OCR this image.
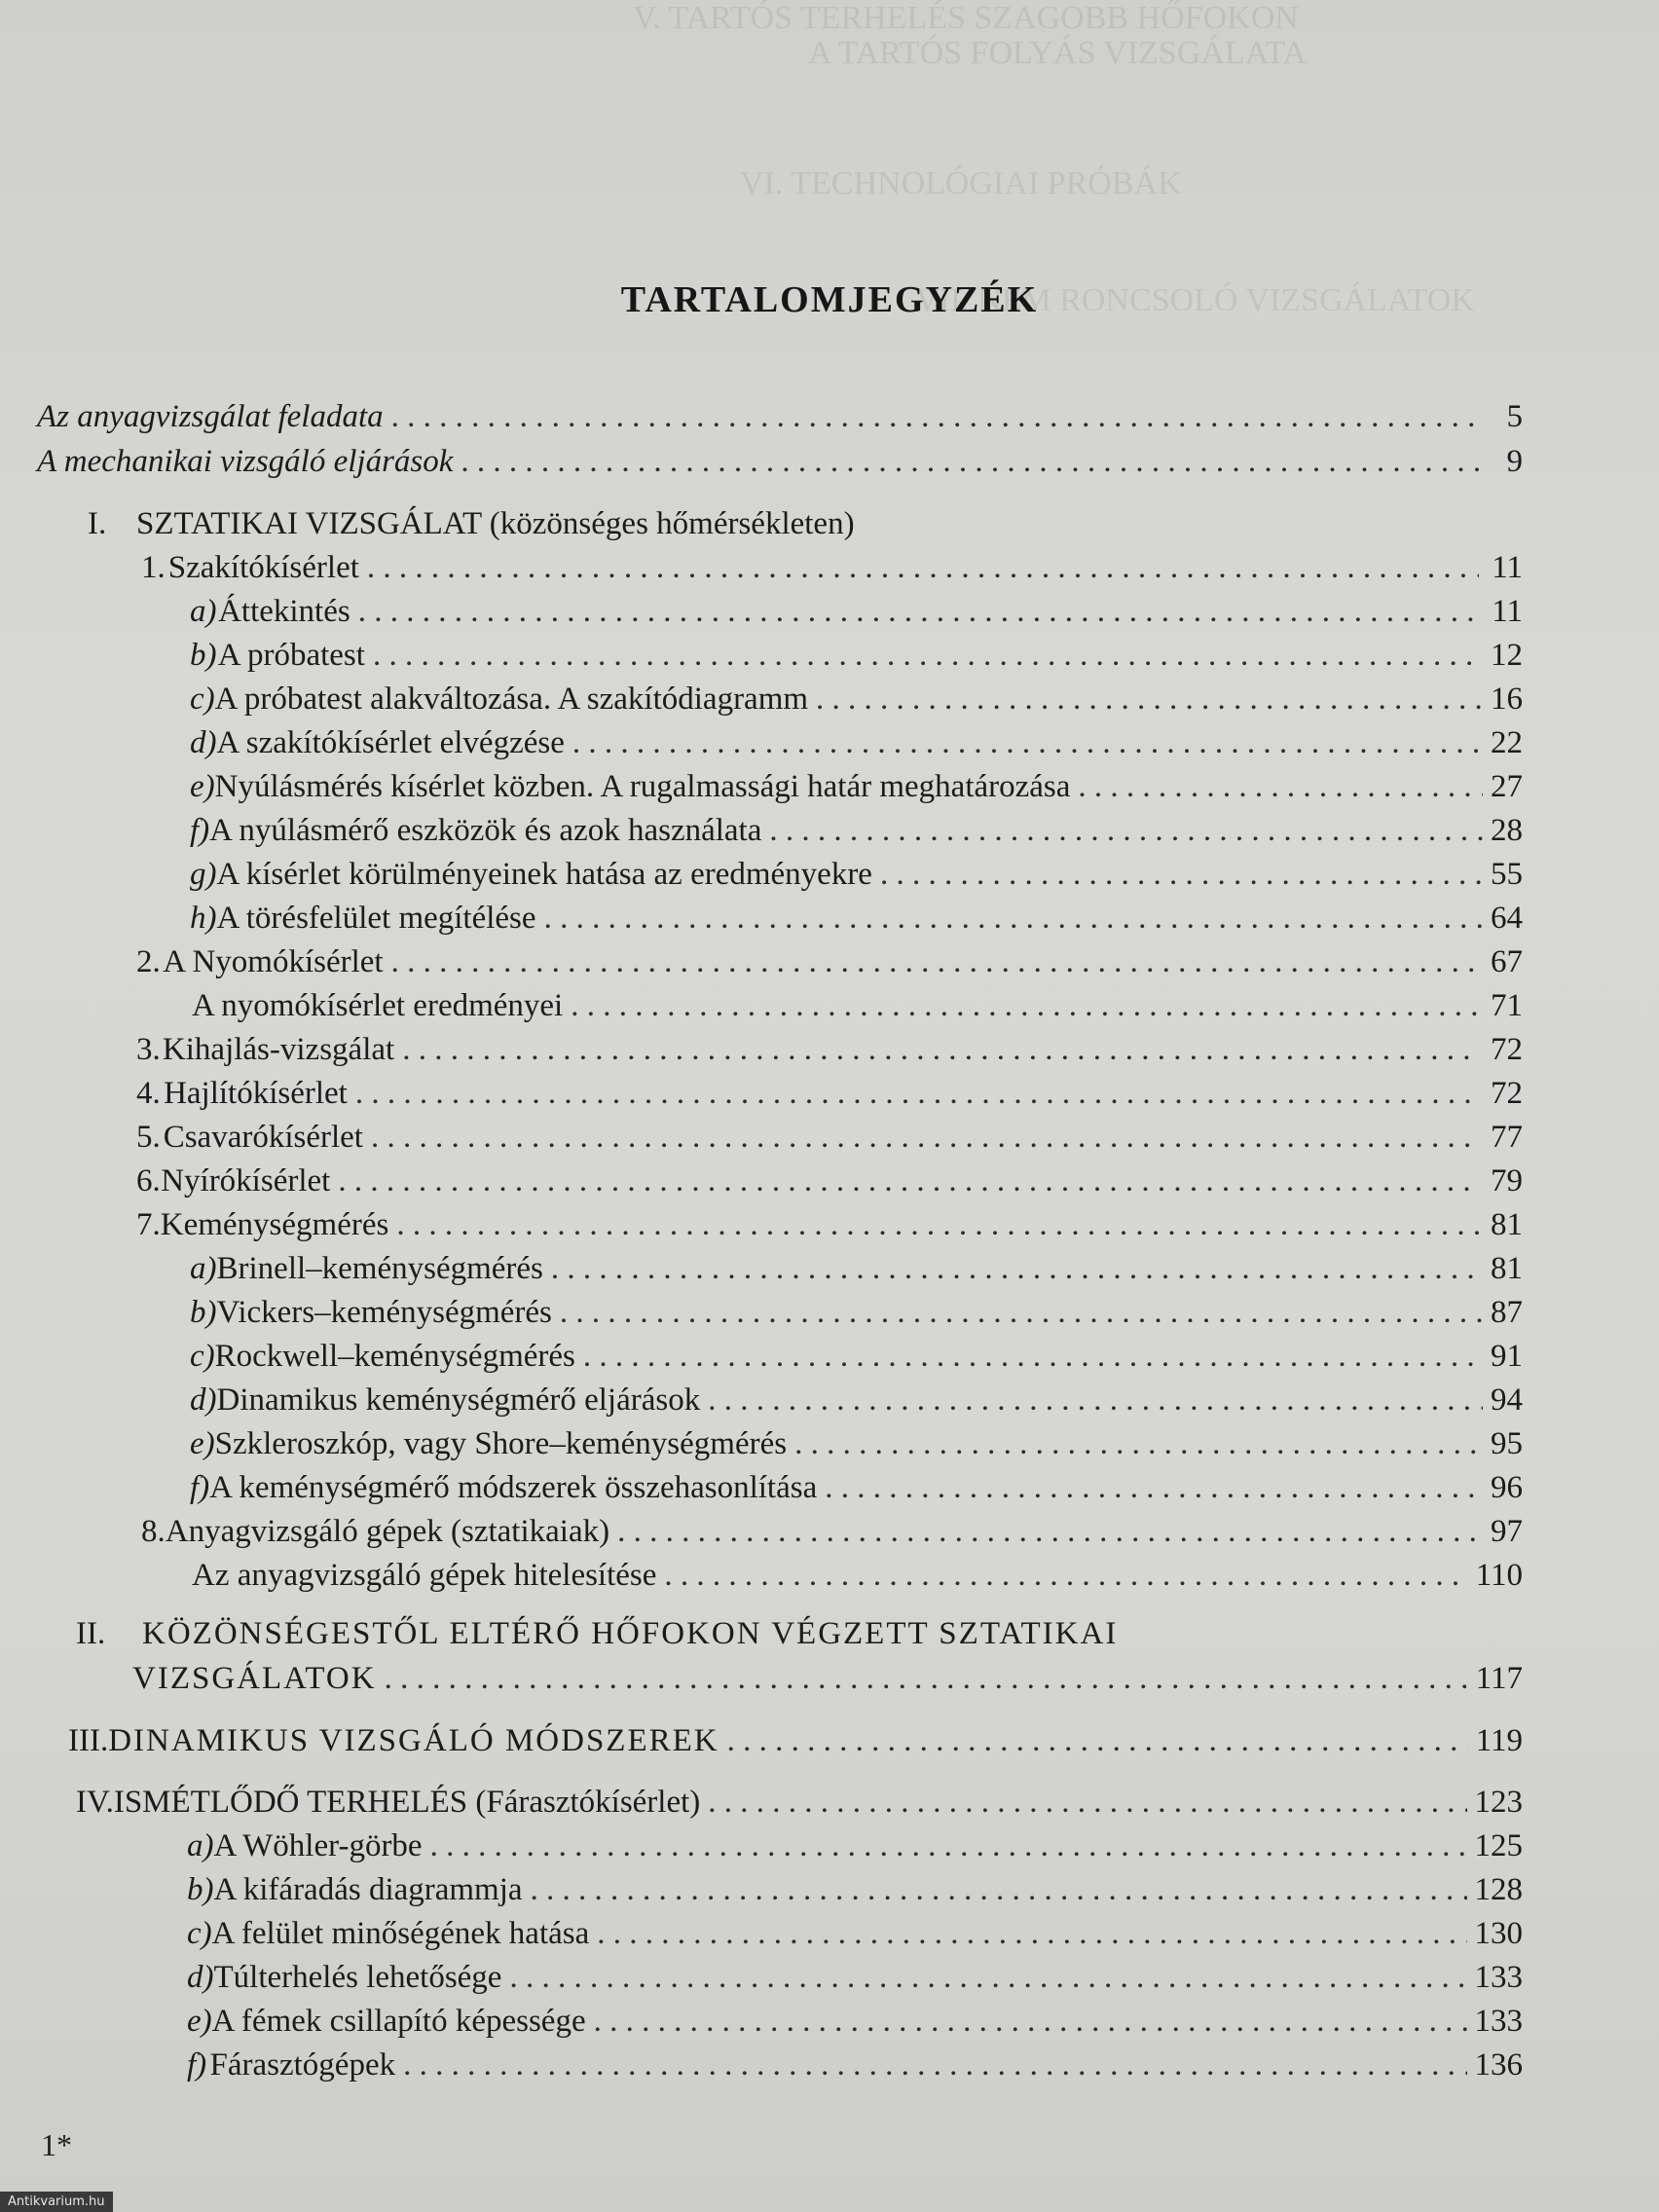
V. TARTÓS TERHELÉS SZAGOBB HŐFOKON
A TARTÓS FOLYÁS VIZSGÁLATA
VI. TECHNOLÓGIAI PRÓBÁK
VII. NEM RONCSOLÓ VIZSGÁLATOK
TARTALOMJEGYZÉK
Az anyagvizsgálat feladata . . .	5
A mechanikai vizsgáló eljárások . . .	9
I. SZTATIKAI VIZSGÁLAT (közönséges hőmérsékleten)
1. Szakítókísérlet . . .	11
a) Áttekintés . . .	11
b) A próbatest . . .	12
c) A próbatest alakváltozása. A szakítódiagramm . . .	16
d) A szakítókísérlet elvégzése . . .	22
e) Nyúlásmérés kísérlet közben. A rugalmassági határ meghatározása . . .	27
f) A nyúlásmérő eszközök és azok használata . . .	28
g) A kísérlet körülményeinek hatása az eredményekre . . .	55
h) A törésfelület megítélése . . .	64
2. A Nyomókísérlet . . .	67
A nyomókísérlet eredményei . . .	71
3. Kihajlás-vizsgálat . . .	72
4. Hajlítókísérlet . . .	72
5. Csavarókísérlet . . .	77
6. Nyírókísérlet . . .	79
7. Keménységmérés . . .	81
a) Brinell–keménységmérés . . .	81
b) Vickers–keménységmérés . . .	87
c) Rockwell–keménységmérés . . .	91
d) Dinamikus keménységmérő eljárások . . .	94
e) Szkleroszkóp, vagy Shore–keménységmérés . . .	95
f) A keménységmérő módszerek összehasonlítása . . .	96
8. Anyagvizsgáló gépek (sztatikaiak) . . .	97
Az anyagvizsgáló gépek hitelesítése . . .	110
II.	KÖZÖNSÉGESTŐL ELTÉRŐ HŐFOKON VÉGZETT SZTATIKAI
VIZSGÁLATOK . . .	117
III. DINAMIKUS VIZSGÁLÓ MÓDSZEREK . . .	119
IV. ISMÉTLŐDŐ TERHELÉS (Fárasztókísérlet) . . .	123
a) A Wöhler-görbe . . .	125
b) A kifáradás diagrammja . . .	128
c) A felület minőségének hatása . . .	130
d) Túlterhelés lehetősége . . .	133
e) A fémek csillapító képessége . . .	133
f) Fárasztógépek . . .	136
1*
Antikvarium.hu
